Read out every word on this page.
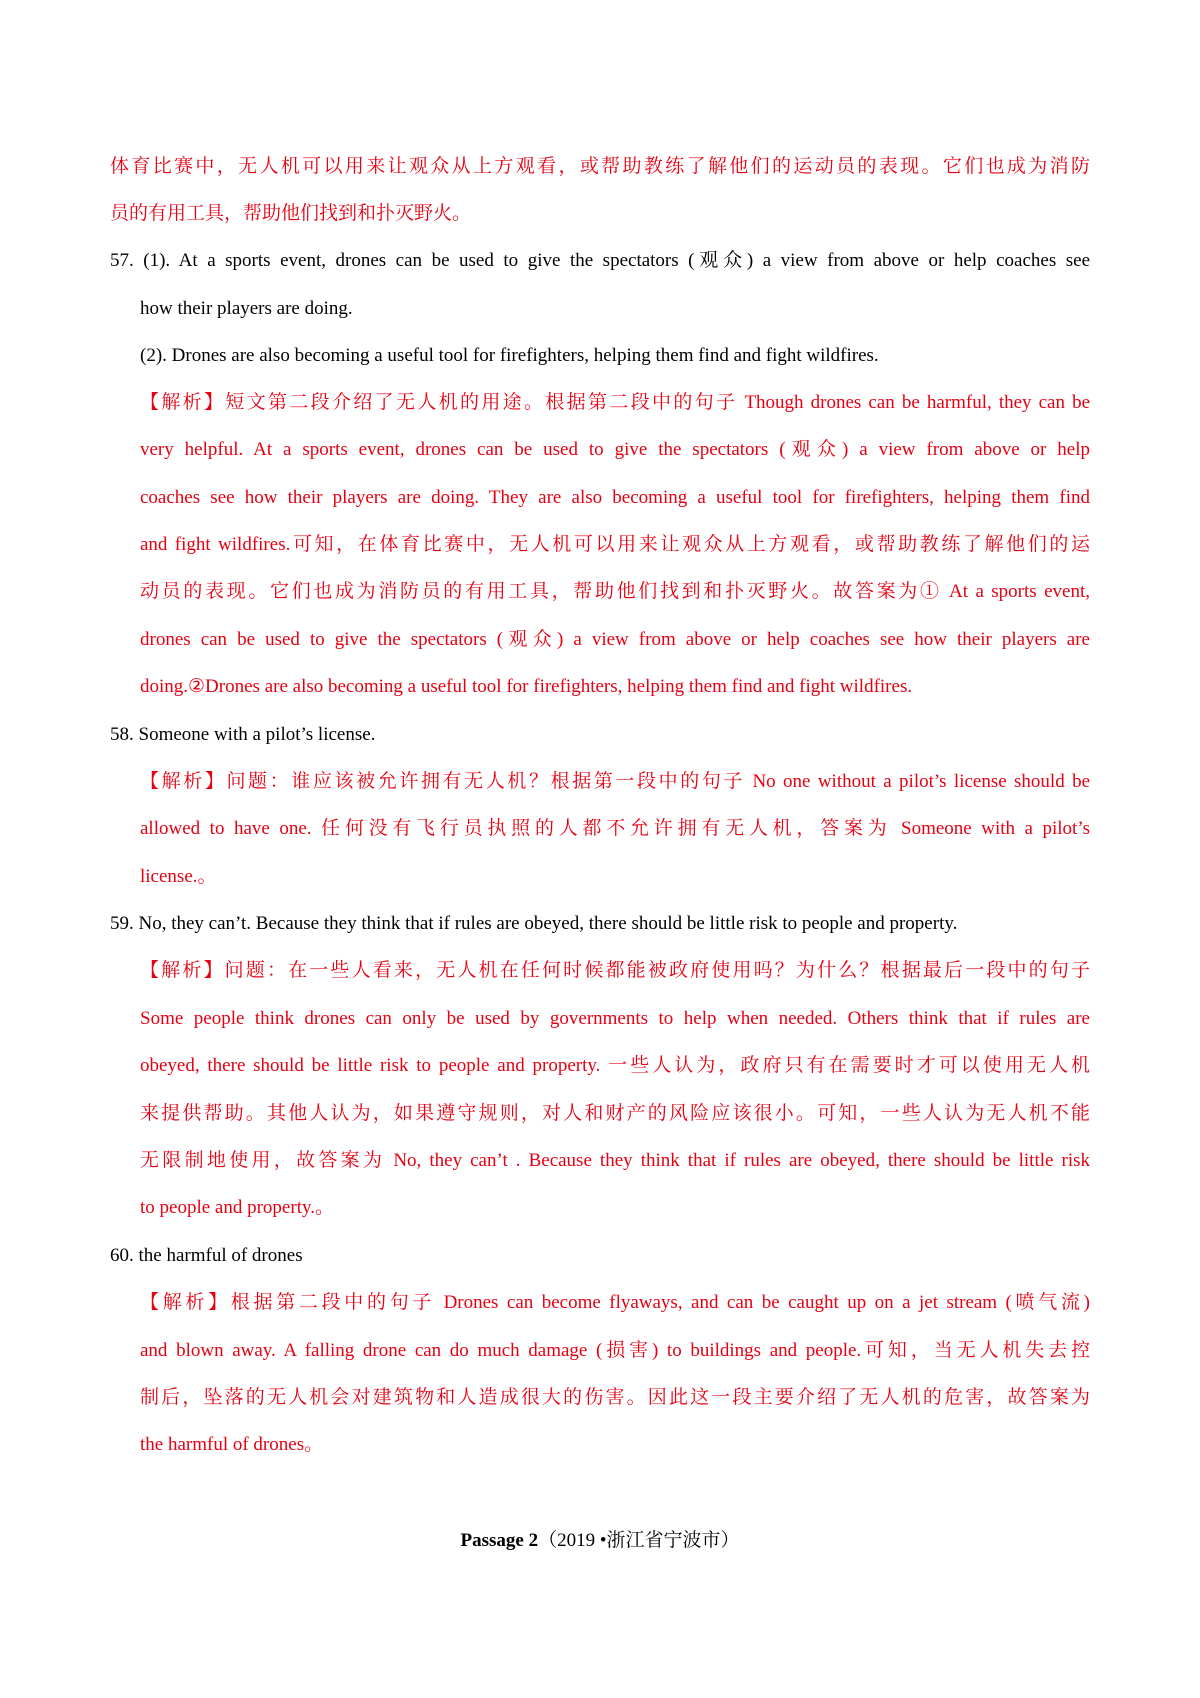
体育比赛中，无人机可以用来让观众从上方观看，或帮助教练了解他们的运动员的表现。它们也成为消防
员的有用工具，帮助他们找到和扑灭野火。
57. (1). At a sports event, drones can be used to give the spectators (观众) a view from above or help coaches see
how their players are doing.
(2). Drones are also becoming a useful tool for firefighters, helping them find and fight wildfires.
【解析】短文第二段介绍了无人机的用途。根据第二段中的句子 Though drones can be harmful, they can be
very helpful. At a sports event, drones can be used to give the spectators (观众) a view from above or help
coaches see how their players are doing. They are also becoming a useful tool for firefighters, helping them find
and fight wildfires.可知，在体育比赛中，无人机可以用来让观众从上方观看，或帮助教练了解他们的运
动员的表现。它们也成为消防员的有用工具，帮助他们找到和扑灭野火。故答案为① At a sports event,
drones can be used to give the spectators (观众) a view from above or help coaches see how their players are
doing.②Drones are also becoming a useful tool for firefighters, helping them find and fight wildfires.
58. Someone with a pilot’s license.
【解析】问题：谁应该被允许拥有无人机？根据第一段中的句子 No one without a pilot’s license should be
allowed to have one. 任何没有飞行员执照的人都不允许拥有无人机，答案为 Someone with a pilot’s
license.。
59. No, they can’t. Because they think that if rules are obeyed, there should be little risk to people and property.
【解析】问题：在一些人看来，无人机在任何时候都能被政府使用吗？为什么？根据最后一段中的句子
Some people think drones can only be used by governments to help when needed. Others think that if rules are
obeyed, there should be little risk to people and property. 一些人认为，政府只有在需要时才可以使用无人机
来提供帮助。其他人认为，如果遵守规则，对人和财产的风险应该很小。可知，一些人认为无人机不能
无限制地使用，故答案为 No, they can’t . Because they think that if rules are obeyed, there should be little risk
to people and property.。
60. the harmful of drones
【解析】根据第二段中的句子 Drones can become flyaways, and can be caught up on a jet stream (喷气流)
and blown away. A falling drone can do much damage (损害) to buildings and people.可知，当无人机失去控
制后，坠落的无人机会对建筑物和人造成很大的伤害。因此这一段主要介绍了无人机的危害，故答案为
the harmful of drones。
Passage 2（2019 •浙江省宁波市）
